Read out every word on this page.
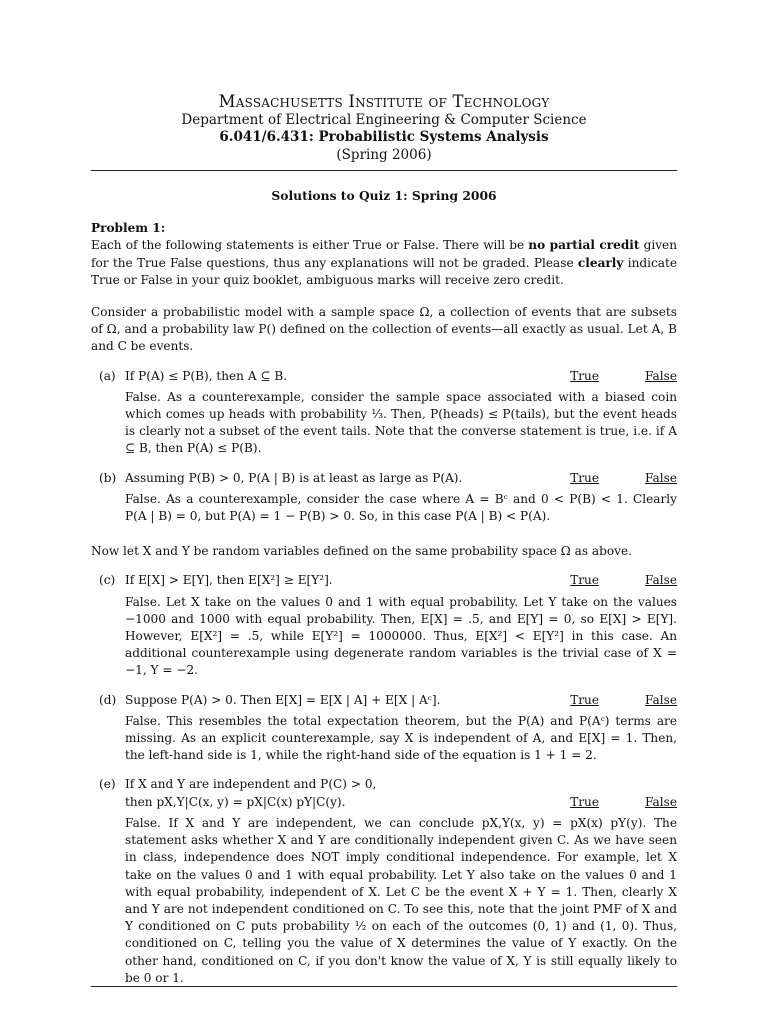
Massachusetts Institute of Technology
Department of Electrical Engineering & Computer Science
6.041/6.431: Probabilistic Systems Analysis
(Spring 2006)
Solutions to Quiz 1: Spring 2006
Problem 1:

Each of the following statements is either True or False. There will be no partial credit given for the True False questions, thus any explanations will not be graded. Please clearly indicate True or False in your quiz booklet, ambiguous marks will receive zero credit.

Consider a probabilistic model with a sample space Ω, a collection of events that are subsets of Ω, and a probability law P() defined on the collection of events—all exactly as usual. Let A, B and C be events.

(a) If P(A) ≤ P(B), then A ⊆ B.	True	False

False. As a counterexample, consider the sample space associated with a biased coin which comes up heads with probability ⅓. Then, P(heads) ≤ P(tails), but the event heads is clearly not a subset of the event tails. Note that the converse statement is true, i.e. if A ⊆ B, then P(A) ≤ P(B).

(b) Assuming P(B) > 0, P(A | B) is at least as large as P(A).	True	False

False. As a counterexample, consider the case where A = Bᶜ and 0 < P(B) < 1. Clearly P(A | B) = 0, but P(A) = 1 − P(B) > 0. So, in this case P(A | B) < P(A).

Now let X and Y be random variables defined on the same probability space Ω as above.

(c) If E[X] > E[Y], then E[X²] ≥ E[Y²].	True	False

False. Let X take on the values 0 and 1 with equal probability. Let Y take on the values −1000 and 1000 with equal probability. Then, E[X] = .5, and E[Y] = 0, so E[X] > E[Y]. However, E[X²] = .5, while E[Y²] = 1000000. Thus, E[X²] < E[Y²] in this case. An additional counterexample using degenerate random variables is the trivial case of X = −1, Y = −2.

(d) Suppose P(A) > 0. Then E[X] = E[X | A] + E[X | Aᶜ].	True	False

False. This resembles the total expectation theorem, but the P(A) and P(Aᶜ) terms are missing. As an explicit counterexample, say X is independent of A, and E[X] = 1. Then, the left-hand side is 1, while the right-hand side of the equation is 1 + 1 = 2.

(e) If X and Y are independent and P(C) > 0,
then pX,Y|C(x, y) = pX|C(x) pY|C(y).	True	False

False. If X and Y are independent, we can conclude pX,Y(x, y) = pX(x) pY(y). The statement asks whether X and Y are conditionally independent given C. As we have seen in class, independence does NOT imply conditional independence. For example, let X take on the values 0 and 1 with equal probability. Let Y also take on the values 0 and 1 with equal probability, independent of X. Let C be the event X + Y = 1. Then, clearly X and Y are not independent conditioned on C. To see this, note that the joint PMF of X and Y conditioned on C puts probability ½ on each of the outcomes (0, 1) and (1, 0). Thus, conditioned on C, telling you the value of X determines the value of Y exactly. On the other hand, conditioned on C, if you don't know the value of X, Y is still equally likely to be 0 or 1.
